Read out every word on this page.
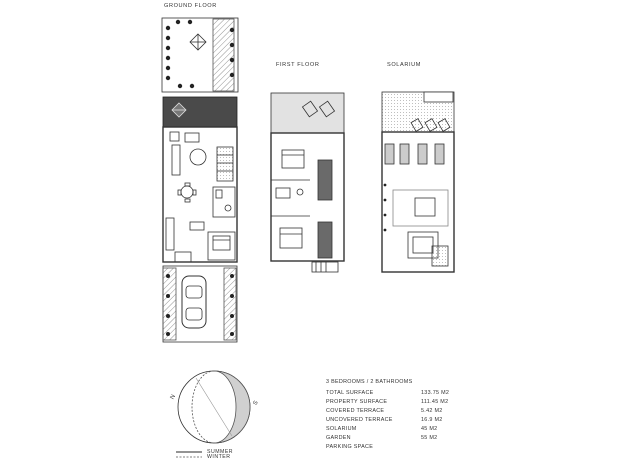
GROUND FLOOR
FIRST FLOOR	SOLARIUM
N
S
SUMMER
WINTER
3 BEDROOMS / 2 BATHROOMS
TOTAL SURFACE	133.75 M2
PROPERTY SURFACE	111.45 M2
COVERED TERRACE	5.42 M2
UNCOVERED TERRACE	16.9 M2
SOLARIUM	45 M2
GARDEN	55 M2
PARKING SPACE
